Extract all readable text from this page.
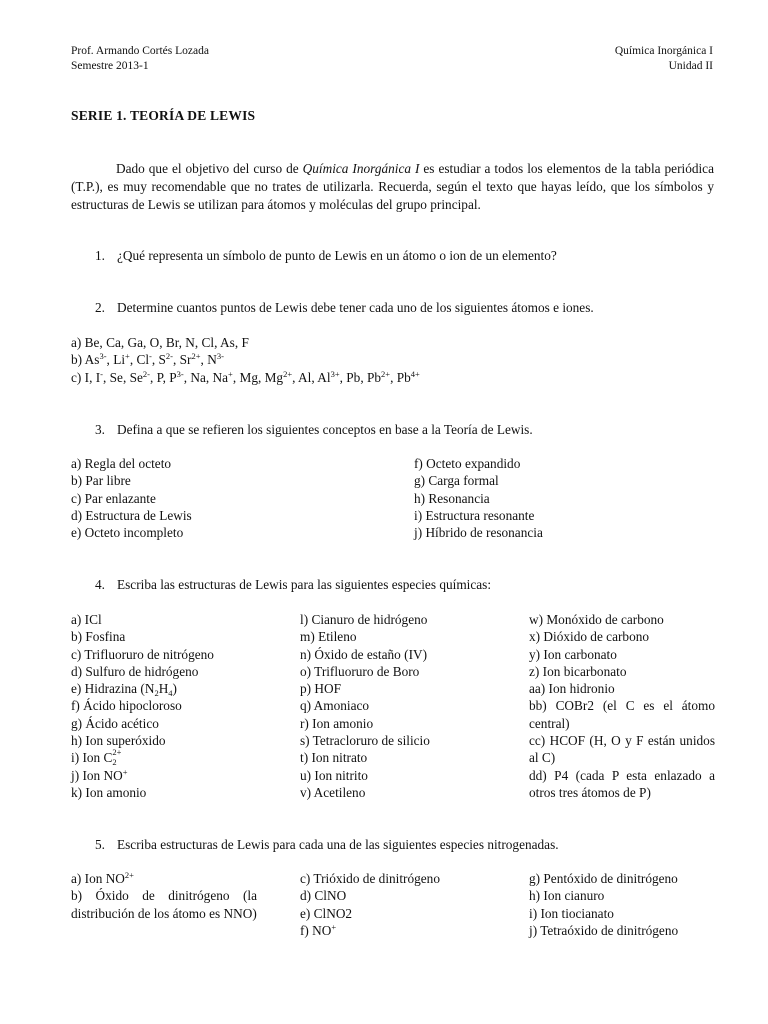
Prof. Armando Cortés Lozada
Semestre 2013-1
Química Inorgánica I
Unidad II
SERIE 1. TEORÍA DE LEWIS
Dado que el objetivo del curso de Química Inorgánica I es estudiar a todos los elementos de la tabla periódica (T.P.), es muy recomendable que no trates de utilizarla. Recuerda, según el texto que hayas leído, que los símbolos y estructuras de Lewis se utilizan para átomos y moléculas del grupo principal.
1. ¿Qué representa un símbolo de punto de Lewis en un átomo o ion de un elemento?
2. Determine cuantos puntos de Lewis debe tener cada uno de los siguientes átomos e iones.
a) Be, Ca, Ga, O, Br, N, Cl, As, F
b) $As^{3-}$, Li+, Cl-, $S^{2-}$, $Sr^{2+}$, $N^{3-}$
c) I, I-, Se, $Se^{2-}$, P, $P^{3-}$, Na, Na+, Mg, $Mg^{2+}$, Al, $Al^{3+}$, Pb, $Pb^{2+}$, $Pb^{4+}$
3. Defina a que se refieren los siguientes conceptos en base a la Teoría de Lewis.
a) Regla del octeto
b) Par libre
c) Par enlazante
d) Estructura de Lewis
e) Octeto incompleto
f) Octeto expandido
g) Carga formal
h) Resonancia
i) Estructura resonante
j) Híbrido de resonancia
4. Escriba las estructuras de Lewis para las siguientes especies químicas:
a) ICl
b) Fosfina
c) Trifluoruro de nitrógeno
d) Sulfuro de hidrógeno
e) Hidrazina $(N_2H_4)$
f) Ácido hipocloroso
g) Ácido acético
h) Ion superóxido
i) Ion C 2+
2
j) Ion NO+
k) Ion amonio
l) Cianuro de hidrógeno
m) Etileno
n) Óxido de estaño (IV)
o) Trifluoruro de Boro
p) HOF
q) Amoniaco
r) Ion amonio
s) Tetracloruro de silicio
t) Ion nitrato
u) Ion nitrito
v) Acetileno
w) Monóxido de carbono
x) Dióxido de carbono
y) Ion carbonato
z) Ion bicarbonato
aa) Ion hidronio
bb) COBr2 (el C es el átomo central)
cc) HCOF (H, O y F están unidos al C)
dd) P4 (cada P esta enlazado a otros tres átomos de P)
5. Escriba estructuras de Lewis para cada una de las siguientes especies nitrogenadas.
a) Ion $NO^{2+}$
b) Óxido de dinitrógeno (la distribución de los átomo es NNO)
c) Trióxido de dinitrógeno
d) ClNO
e) ClNO2
f) NO+
g) Pentóxido de dinitrógeno
h) Ion cianuro
i) Ion tiocianato
j) Tetraóxido de dinitrógeno
